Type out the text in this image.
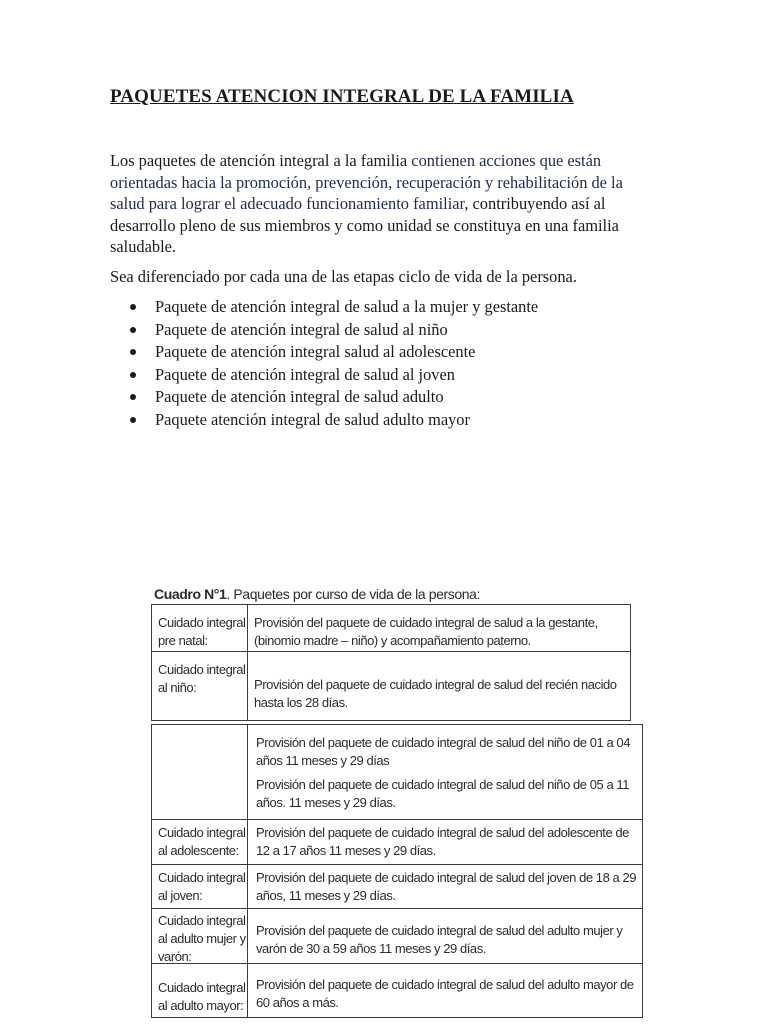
PAQUETES ATENCION INTEGRAL DE LA FAMILIA

Los paquetes de atención integral a la familia contienen acciones que están orientadas hacia la promoción, prevención, recuperación y rehabilitación de la salud para lograr el adecuado funcionamiento familiar, contribuyendo así al desarrollo pleno de sus miembros y como unidad se constituya en una familia saludable.

Sea diferenciado por cada una de las etapas ciclo de vida de la persona.

Paquete de atención integral de salud a la mujer y gestante
Paquete de atención integral de salud al niño
Paquete de atención integral salud al adolescente
Paquete de atención integral de salud al joven
Paquete de atención integral de salud adulto
Paquete atención integral de salud adulto mayor
Cuadro N°1. Paquetes por curso de vida de la persona:
Cuidado integral pre natal:
Provisión del paquete de cuidado integral de salud a la gestante, (binomio madre – niño) y acompañamiento paterno.
Cuidado integral al niño:	Provisión del paquete de cuidado integral de salud del recién nacido hasta los 28 días.
Provisión del paquete de cuidado integral de salud del niño de 01 a 04 años 11 meses y 29 días
Provisión del paquete de cuidado integral de salud del niño de 05 a 11 años. 11 meses y 29 días.
Cuidado integral al adolescente:
Provisión del paquete de cuidado integral de salud del adolescente de 12 a 17 años 11 meses y 29 días.
Cuidado integral al joven:
Provisión del paquete de cuidado integral de salud del joven de 18 a 29 años, 11 meses y 29 días.
Cuidado integral al adulto mujer y varón:
Provisión del paquete de cuidado integral de salud del adulto mujer y varón de 30 a 59 años 11 meses y 29 días.
Cuidado integral al adulto mayor:
Provisión del paquete de cuidado integral de salud del adulto mayor de 60 años a más.
